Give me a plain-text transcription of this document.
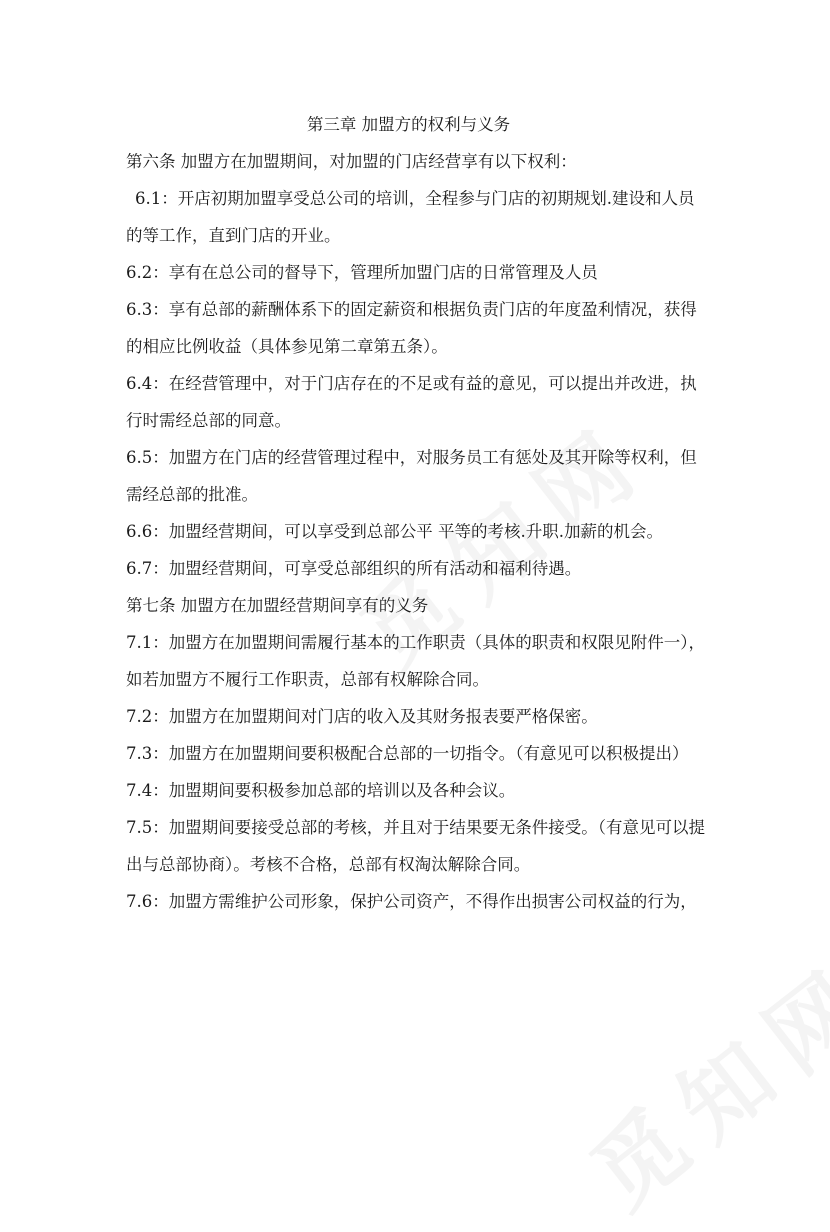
第三章 加盟方的权利与义务
第六条 加盟方在加盟期间，对加盟的门店经营享有以下权利：
6.1：开店初期加盟享受总公司的培训，全程参与门店的初期规划.建设和人员
的等工作，直到门店的开业。
6.2：享有在总公司的督导下，管理所加盟门店的日常管理及人员
6.3：享有总部的薪酬体系下的固定薪资和根据负责门店的年度盈利情况，获得
的相应比例收益（具体参见第二章第五条）。
6.4：在经营管理中，对于门店存在的不足或有益的意见，可以提出并改进，执
行时需经总部的同意。
6.5：加盟方在门店的经营管理过程中，对服务员工有惩处及其开除等权利，但
需经总部的批准。
6.6：加盟经营期间，可以享受到总部公平 平等的考核.升职.加薪的机会。
6.7：加盟经营期间，可享受总部组织的所有活动和福利待遇。
第七条 加盟方在加盟经营期间享有的义务
7.1：加盟方在加盟期间需履行基本的工作职责（具体的职责和权限见附件一），
如若加盟方不履行工作职责，总部有权解除合同。
7.2：加盟方在加盟期间对门店的收入及其财务报表要严格保密。
7.3：加盟方在加盟期间要积极配合总部的一切指令。（有意见可以积极提出）
7.4：加盟期间要积极参加总部的培训以及各种会议。
7.5：加盟期间要接受总部的考核，并且对于结果要无条件接受。（有意见可以提
出与总部协商）。考核不合格，总部有权淘汰解除合同。
7.6：加盟方需维护公司形象，保护公司资产，不得作出损害公司权益的行为，
